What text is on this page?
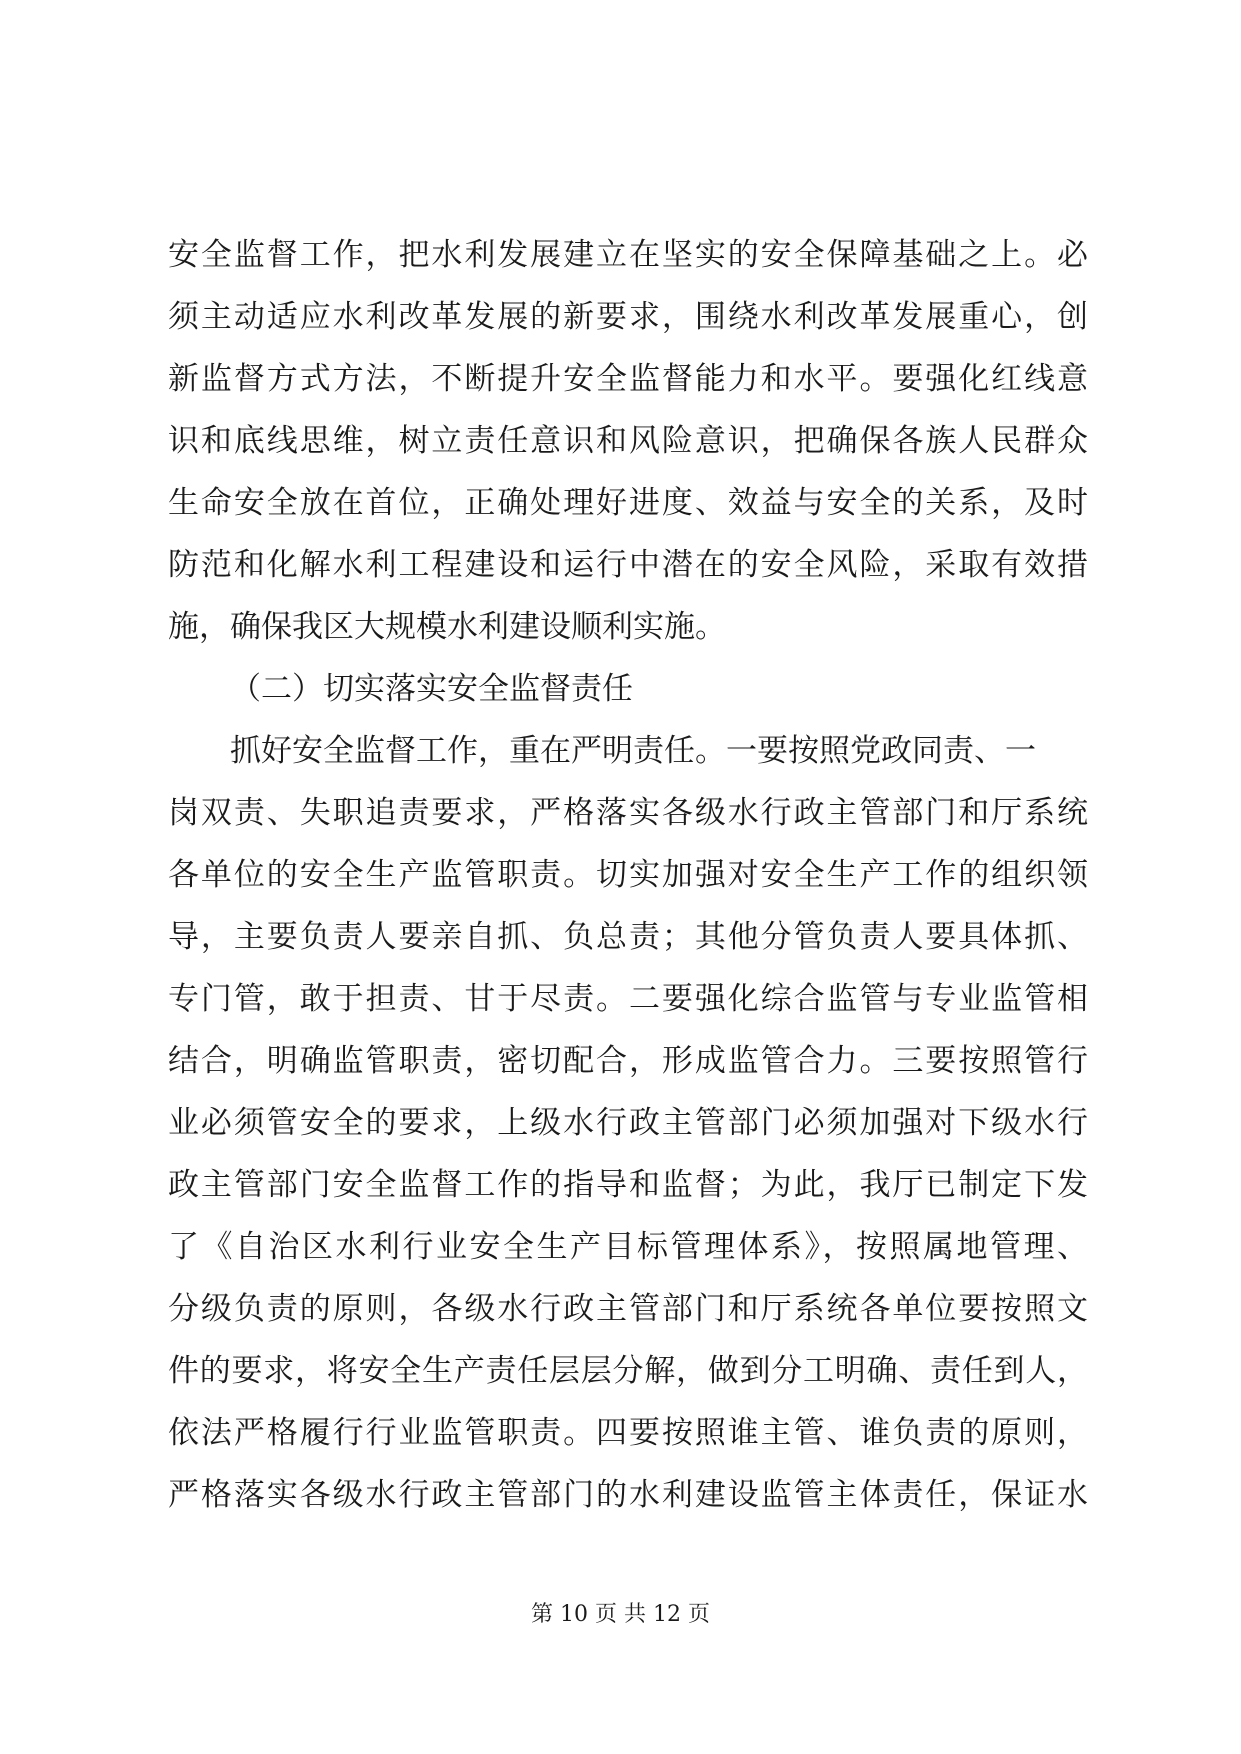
安全监督工作，把水利发展建立在坚实的安全保障基础之上。必
须主动适应水利改革发展的新要求，围绕水利改革发展重心，创
新监督方式方法，不断提升安全监督能力和水平。要强化红线意
识和底线思维，树立责任意识和风险意识，把确保各族人民群众
生命安全放在首位，正确处理好进度、效益与安全的关系，及时
防范和化解水利工程建设和运行中潜在的安全风险，采取有效措
施，确保我区大规模水利建设顺利实施。
（二）切实落实安全监督责任
抓好安全监督工作，重在严明责任。一要按照党政同责、一
岗双责、失职追责要求，严格落实各级水行政主管部门和厅系统
各单位的安全生产监管职责。切实加强对安全生产工作的组织领
导，主要负责人要亲自抓、负总责；其他分管负责人要具体抓、
专门管，敢于担责、甘于尽责。二要强化综合监管与专业监管相
结合，明确监管职责，密切配合，形成监管合力。三要按照管行
业必须管安全的要求，上级水行政主管部门必须加强对下级水行
政主管部门安全监督工作的指导和监督；为此，我厅已制定下发
了《自治区水利行业安全生产目标管理体系》，按照属地管理、
分级负责的原则，各级水行政主管部门和厅系统各单位要按照文
件的要求，将安全生产责任层层分解，做到分工明确、责任到人，
依法严格履行行业监管职责。四要按照谁主管、谁负责的原则，
严格落实各级水行政主管部门的水利建设监管主体责任，保证水
第 10 页 共 12 页
